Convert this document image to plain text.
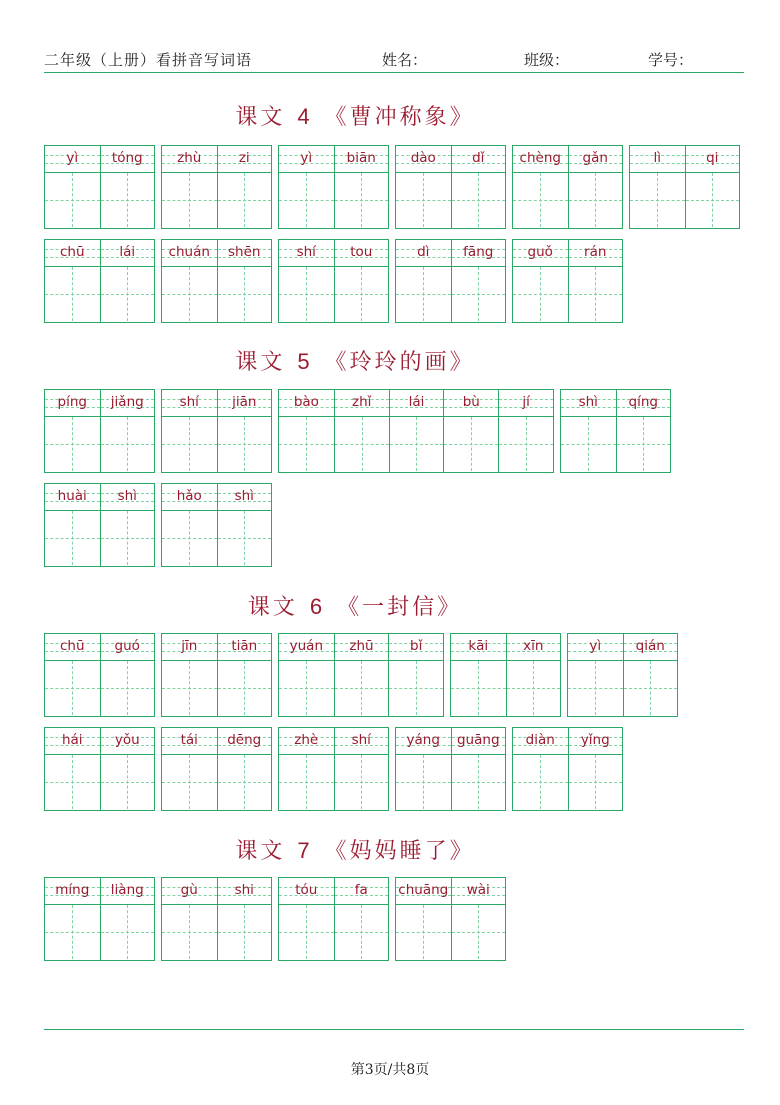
二年级（上册）看拼音写词语	姓名：	班级：	学号：
课文 4 《曹冲称象》
yì	tóng	zhù	zi	yì	biān	dào	dǐ	chèng	gǎn	lì	qi
chū	lái	chuán	shēn	shí	tou	dì	fāng	guǒ	rán
课文 5 《玲玲的画》
píng	jiǎng	shí	jiān	bào	zhǐ	lái	bù	jí	shì	qíng
huài	shì	hǎo	shì
课文 6 《一封信》
chū	guó	jīn	tiān	yuán	zhū	bǐ	kāi	xīn	yì	qián
hái	yǒu	tái	dēng	zhè	shí	yáng	guāng	diàn	yǐng
课文 7 《妈妈睡了》
míng	liàng	gù	shi	tóu	fa	chuāng	wài
第3页/共8页
